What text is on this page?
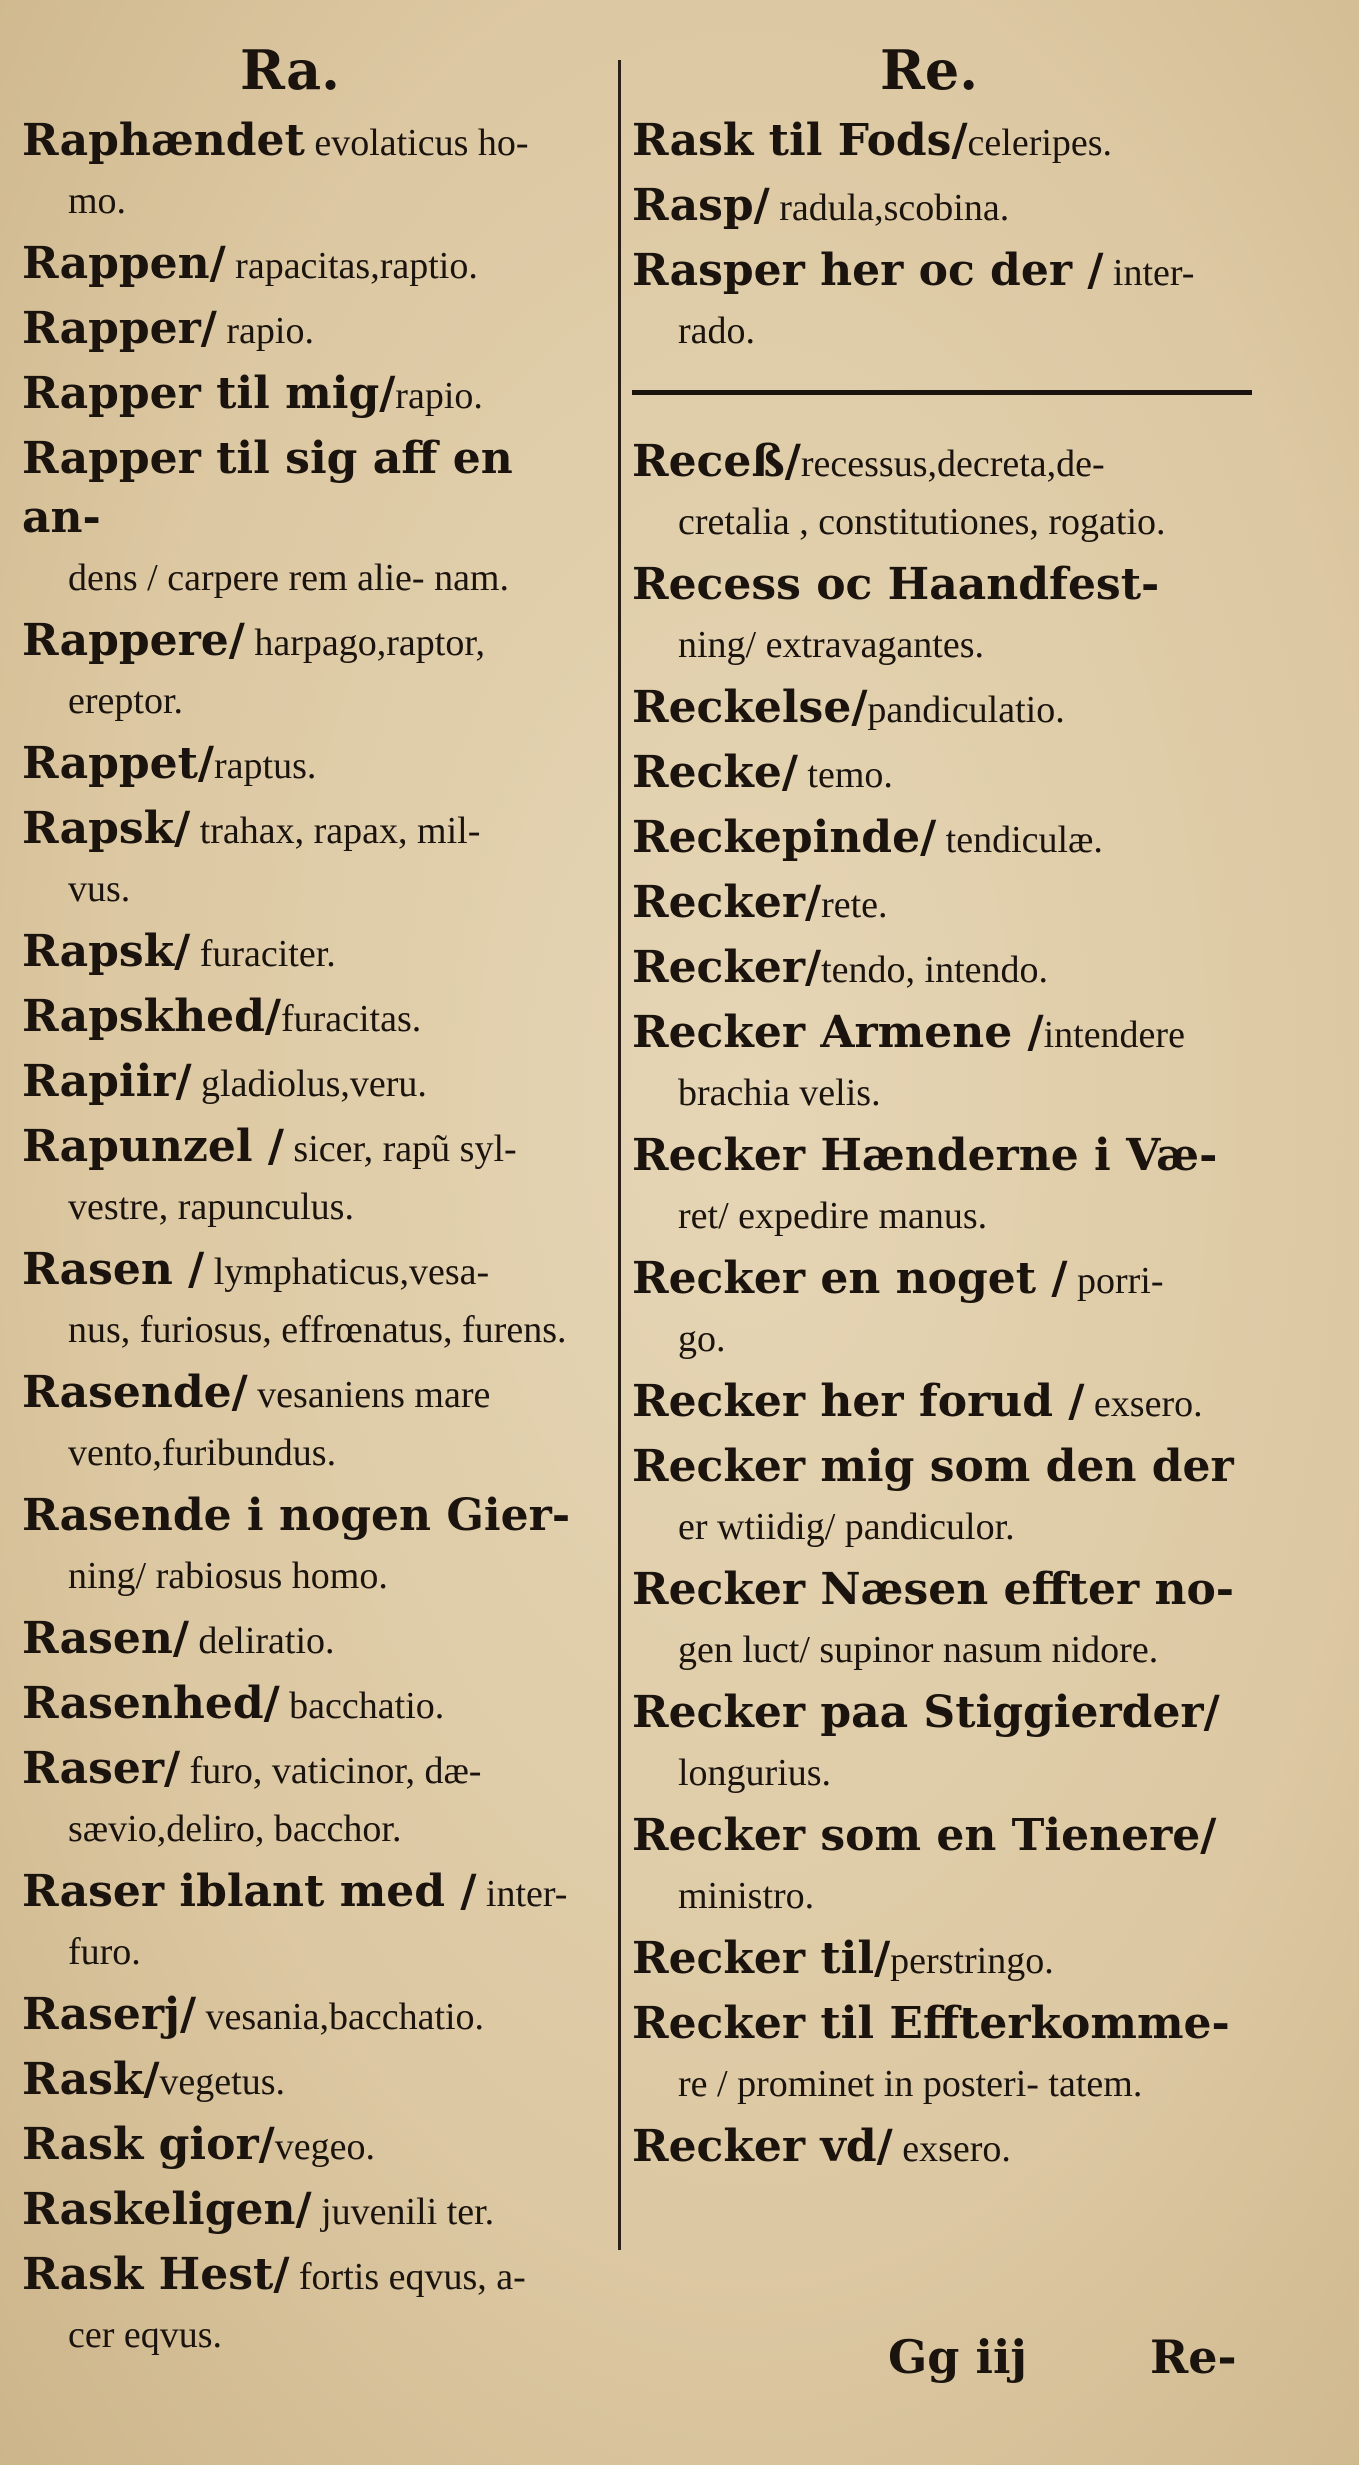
Ra.	Re.
Raphændet evolaticus ho-
mo.
Rappen/ rapacitas,raptio.
Rapper/ rapio.
Rapper til mig/rapio.
Rapper til sig aff en an-
dens / carpere rem alie- nam.
Rappere/ harpago,raptor,
ereptor.
Rappet/raptus.
Rapsk/ trahax, rapax, mil-
vus.
Rapsk/ furaciter.
Rapskhed/furacitas.
Rapiir/ gladiolus,veru.
Rapunzel / sicer, rapũ syl-
vestre, rapunculus.
Rasen / lymphaticus,vesa-
nus, furiosus, effrœnatus, furens.
Rasende/ vesaniens mare
vento,furibundus.
Rasende i nogen Gier-
ning/ rabiosus homo.
Rasen/ deliratio.
Rasenhed/ bacchatio.
Raser/ furo, vaticinor, dæ-
sævio,deliro, bacchor.
Raser iblant med / inter-
furo.
Raserj/ vesania,bacchatio.
Rask/vegetus.
Rask gior/vegeo.
Raskeligen/ juvenili ter.
Rask Hest/ fortis eqvus, a-
cer eqvus.
Rask til Fods/celeripes.
Rasp/ radula,scobina.
Rasper her oc der / inter-
rado.
Receß/recessus,decreta,de-
cretalia , constitutiones, rogatio.
Recess oc Haandfest-
ning/ extravagantes.
Reckelse/pandiculatio.
Recke/ temo.
Reckepinde/ tendiculæ.
Recker/rete.
Recker/tendo, intendo.
Recker Armene /intendere
brachia velis.
Recker Hænderne i Væ-
ret/ expedire manus.
Recker en noget / porri-
go.
Recker her forud / exsero.
Recker mig som den der
er wtiidig/ pandiculor.
Recker Næsen effter no-
gen luct/ supinor nasum nidore.
Recker paa Stiggierder/
longurius.
Recker som en Tienere/
ministro.
Recker til/perstringo.
Recker til Effterkomme-
re / prominet in posteri- tatem.
Recker vd/ exsero.
Gg iij	Re-
